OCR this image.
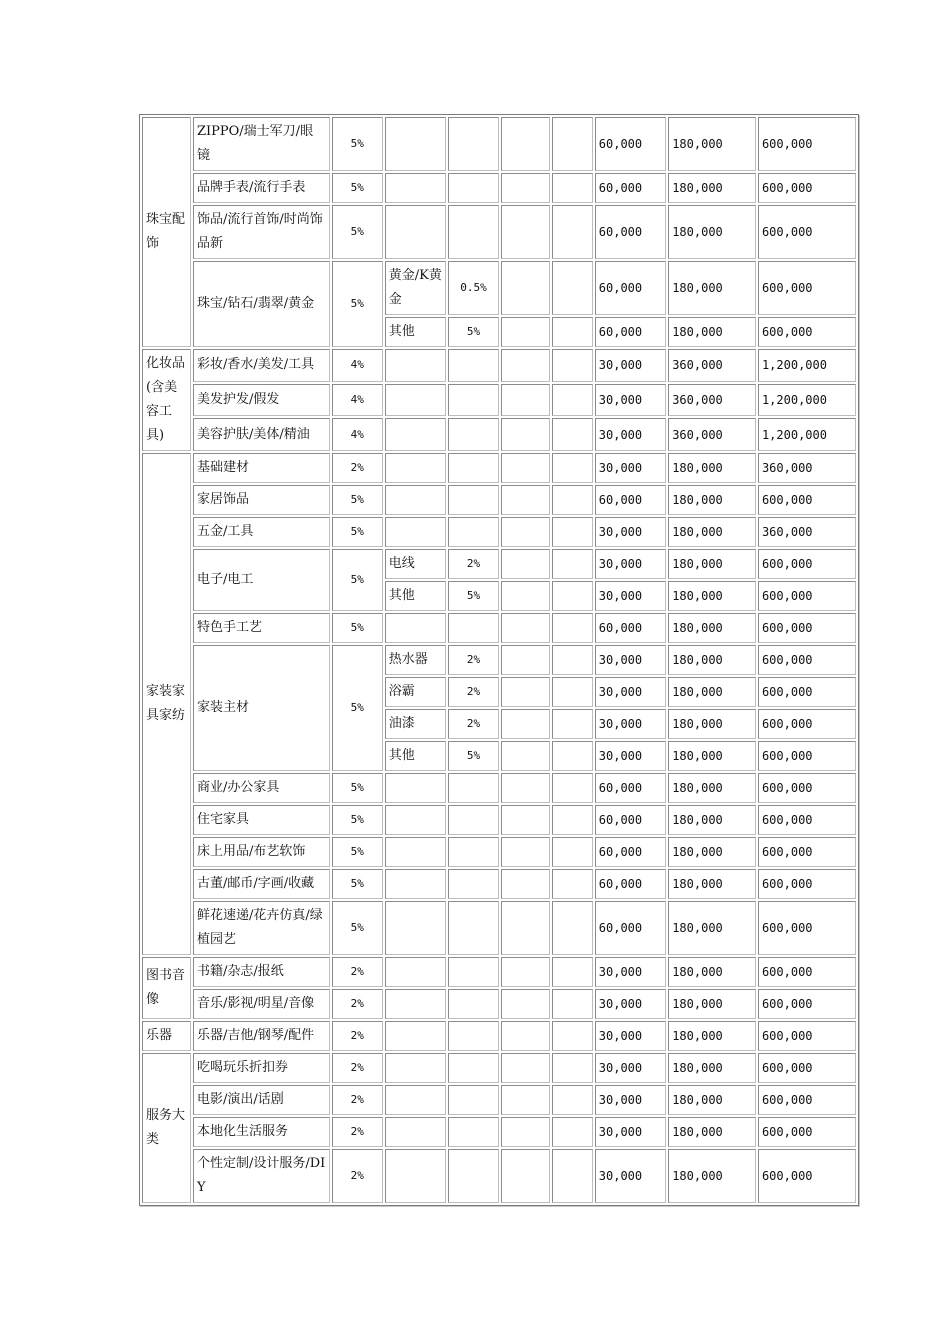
珠宝配饰	ZIPPO/瑞士军刀/眼镜	5%					60,000	180,000	600,000
	品牌手表/流行手表	5%					60,000	180,000	600,000
	饰品/流行首饰/时尚饰品新	5%					60,000	180,000	600,000
	珠宝/钻石/翡翠/黄金	5%	黄金/K黄金	0.5%			60,000	180,000	600,000
			其他	5%			60,000	180,000	600,000
化妆品(含美容工具)	彩妆/香水/美发/工具	4%					30,000	360,000	1,200,000
	美发护发/假发	4%					30,000	360,000	1,200,000
	美容护肤/美体/精油	4%					30,000	360,000	1,200,000
家装家具家纺	基础建材	2%					30,000	180,000	360,000
	家居饰品	5%					60,000	180,000	600,000
	五金/工具	5%					30,000	180,000	360,000
	电子/电工	5%	电线	2%			30,000	180,000	600,000
			其他	5%			30,000	180,000	600,000
	特色手工艺	5%					60,000	180,000	600,000
	家装主材	5%	热水器	2%			30,000	180,000	600,000
			浴霸	2%			30,000	180,000	600,000
			油漆	2%			30,000	180,000	600,000
			其他	5%			30,000	180,000	600,000
	商业/办公家具	5%					60,000	180,000	600,000
	住宅家具	5%					60,000	180,000	600,000
	床上用品/布艺软饰	5%					60,000	180,000	600,000
	古董/邮币/字画/收藏	5%					60,000	180,000	600,000
	鲜花速递/花卉仿真/绿植园艺	5%					60,000	180,000	600,000
图书音像	书籍/杂志/报纸	2%					30,000	180,000	600,000
	音乐/影视/明星/音像	2%					30,000	180,000	600,000
乐器	乐器/吉他/钢琴/配件	2%					30,000	180,000	600,000
服务大类	吃喝玩乐折扣券	2%					30,000	180,000	600,000
	电影/演出/话剧	2%					30,000	180,000	600,000
	本地化生活服务	2%					30,000	180,000	600,000
	个性定制/设计服务/DIY	2%					30,000	180,000	600,000
